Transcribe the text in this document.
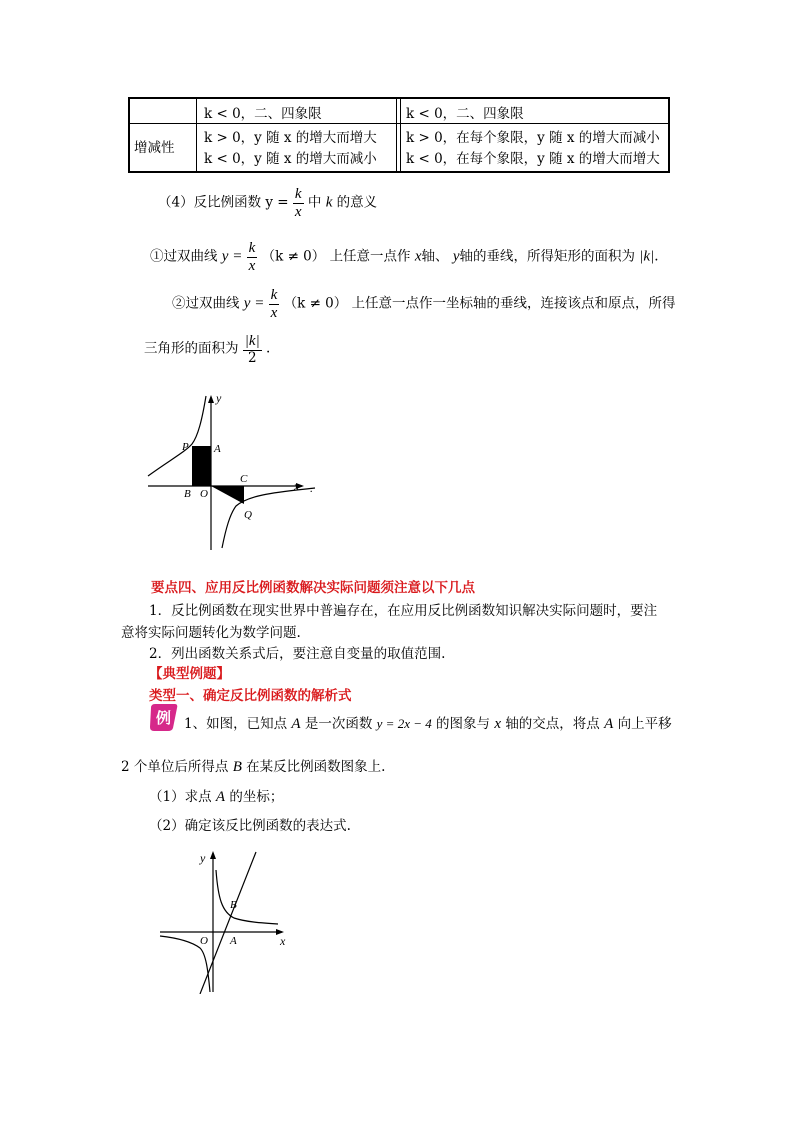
k < 0，二、四象限	k < 0，二、四象限
增减性
k > 0，y 随 x 的增大而增大
k < 0，y 随 x 的增大而减小
k > 0，在每个象限，y 随 x 的增大而减小
k < 0，在每个象限，y 随 x 的增大而增大
（4）反比例函数 $y = \frac{k}{x}$ 中 k 的意义
①过双曲线 $y = \frac{k}{x} (k \ne 0)$ 上任意一点作 x轴、 y轴的垂线，所得矩形的面积为 |k|.
②过双曲线 $y = \frac{k}{x} (k \ne 0)$ 上任意一点作一坐标轴的垂线，连接该点和原点，所得
三角形的面积为 $\frac{|k|}{2}$ .
y
x
P A
B O
C
Q
.
要点四、应用反比例函数解决实际问题须注意以下几点
1．反比例函数在现实世界中普遍存在，在应用反比例函数知识解决实际问题时，要注
意将实际问题转化为数学问题.
2．列出函数关系式后，要注意自变量的取值范围.
【典型例题】
类型一、确定反比例函数的解析式
例 1、如图，已知点 A 是一次函数 y = 2x − 4 的图象与 x 轴的交点，将点 A 向上平移
2 个单位后所得点 B 在某反比例函数图象上.
（1）求点 A 的坐标；
（2）确定该反比例函数的表达式.
y
x
O A
B
